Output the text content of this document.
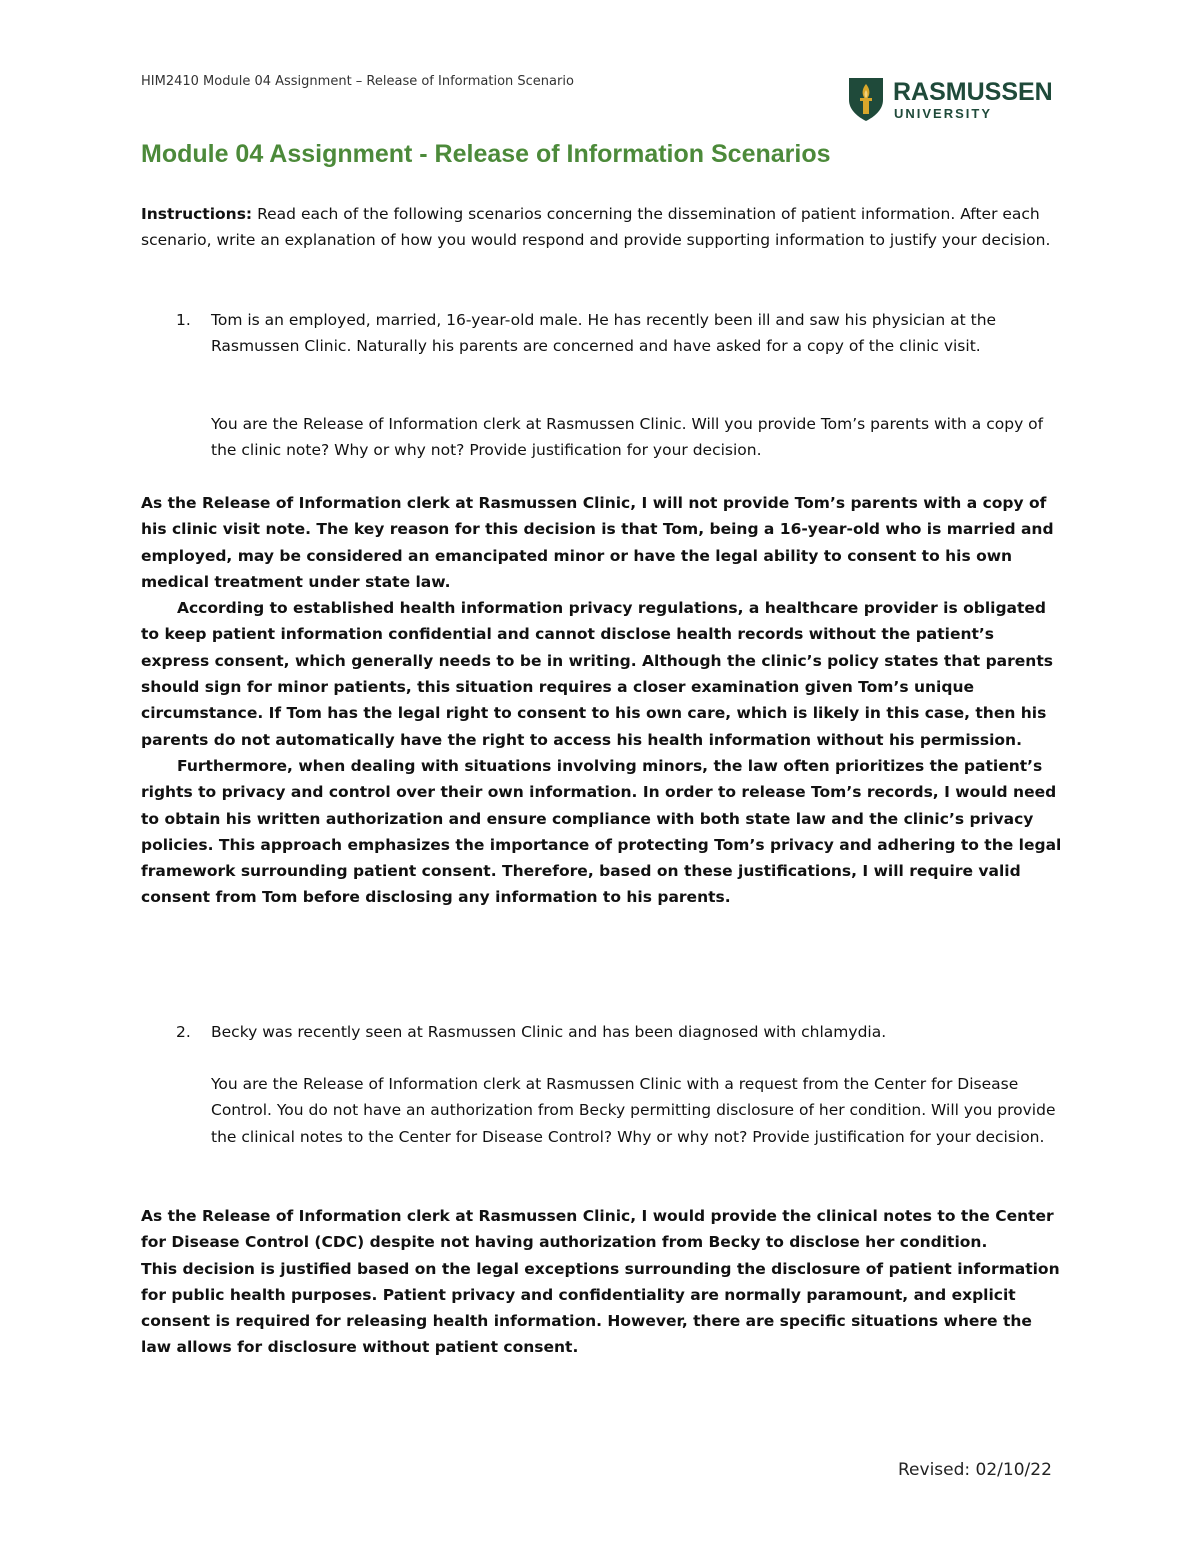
HIM2410 Module 04 Assignment – Release of Information Scenario	RASMUSSEN
UNIVERSITY
Module 04 Assignment - Release of Information Scenarios
Instructions: Read each of the following scenarios concerning the dissemination of patient information. After each scenario, write an explanation of how you would respond and provide supporting information to justify your decision.
1. Tom is an employed, married, 16-year-old male. He has recently been ill and saw his physician at the Rasmussen Clinic. Naturally his parents are concerned and have asked for a copy of the clinic visit.
You are the Release of Information clerk at Rasmussen Clinic. Will you provide Tom’s parents with a copy of the clinic note? Why or why not? Provide justification for your decision.
As the Release of Information clerk at Rasmussen Clinic, I will not provide Tom’s parents with a copy of his clinic visit note. The key reason for this decision is that Tom, being a 16-year-old who is married and employed, may be considered an emancipated minor or have the legal ability to consent to his own medical treatment under state law.
According to established health information privacy regulations, a healthcare provider is obligated to keep patient information confidential and cannot disclose health records without the patient’s express consent, which generally needs to be in writing. Although the clinic’s policy states that parents should sign for minor patients, this situation requires a closer examination given Tom’s unique circumstance. If Tom has the legal right to consent to his own care, which is likely in this case, then his parents do not automatically have the right to access his health information without his permission.
Furthermore, when dealing with situations involving minors, the law often prioritizes the patient’s rights to privacy and control over their own information. In order to release Tom’s records, I would need to obtain his written authorization and ensure compliance with both state law and the clinic’s privacy policies. This approach emphasizes the importance of protecting Tom’s privacy and adhering to the legal framework surrounding patient consent. Therefore, based on these justifications, I will require valid consent from Tom before disclosing any information to his parents.
2. Becky was recently seen at Rasmussen Clinic and has been diagnosed with chlamydia.
You are the Release of Information clerk at Rasmussen Clinic with a request from the Center for Disease Control. You do not have an authorization from Becky permitting disclosure of her condition. Will you provide the clinical notes to the Center for Disease Control? Why or why not? Provide justification for your decision.
As the Release of Information clerk at Rasmussen Clinic, I would provide the clinical notes to the Center for Disease Control (CDC) despite not having authorization from Becky to disclose her condition.
This decision is justified based on the legal exceptions surrounding the disclosure of patient information for public health purposes. Patient privacy and confidentiality are normally paramount, and explicit consent is required for releasing health information. However, there are specific situations where the law allows for disclosure without patient consent.
Revised: 02/10/22
